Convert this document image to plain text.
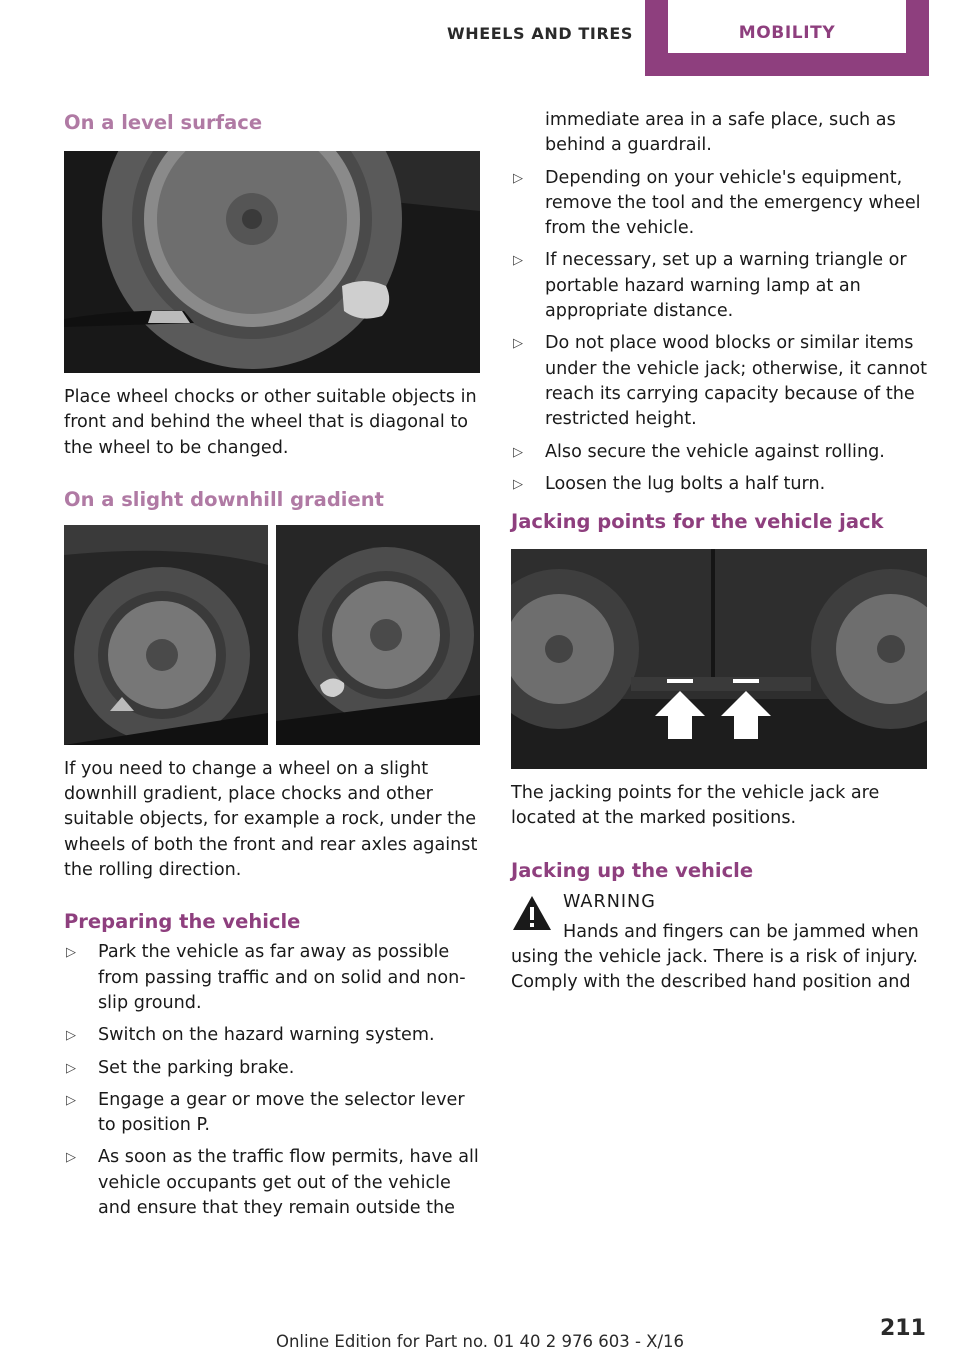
WHEELS AND TIRES	MOBILITY
On a level surface

Place wheel chocks or other suitable objects in front and behind the wheel that is diagonal to the wheel to be changed.

On a slight downhill gradient

If you need to change a wheel on a slight downhill gradient, place chocks and other suitable objects, for example a rock, under the wheels of both the front and rear axles against the rolling direction.

Preparing the vehicle
▷ Park the vehicle as far away as possible from passing traffic and on solid and non-slip ground.
▷ Switch on the hazard warning system.
▷ Set the parking brake.
▷ Engage a gear or move the selector lever to position P.
▷ As soon as the traffic flow permits, have all vehicle occupants get out of the vehicle and ensure that they remain outside the

immediate area in a safe place, such as behind a guardrail.

▷ Depending on your vehicle's equipment, remove the tool and the emergency wheel from the vehicle.
▷ If necessary, set up a warning triangle or portable hazard warning lamp at an appropriate distance.
▷ Do not place wood blocks or similar items under the vehicle jack; otherwise, it cannot reach its carrying capacity because of the restricted height.
▷ Also secure the vehicle against rolling.
▷ Loosen the lug bolts a half turn.
Jacking points for the vehicle jack

The jacking points for the vehicle jack are located at the marked positions.

Jacking up the vehicle
WARNING

Hands and fingers can be jammed when

using the vehicle jack. There is a risk of injury. Comply with the described hand position and

211
Online Edition for Part no. 01 40 2 976 603 - X/16
